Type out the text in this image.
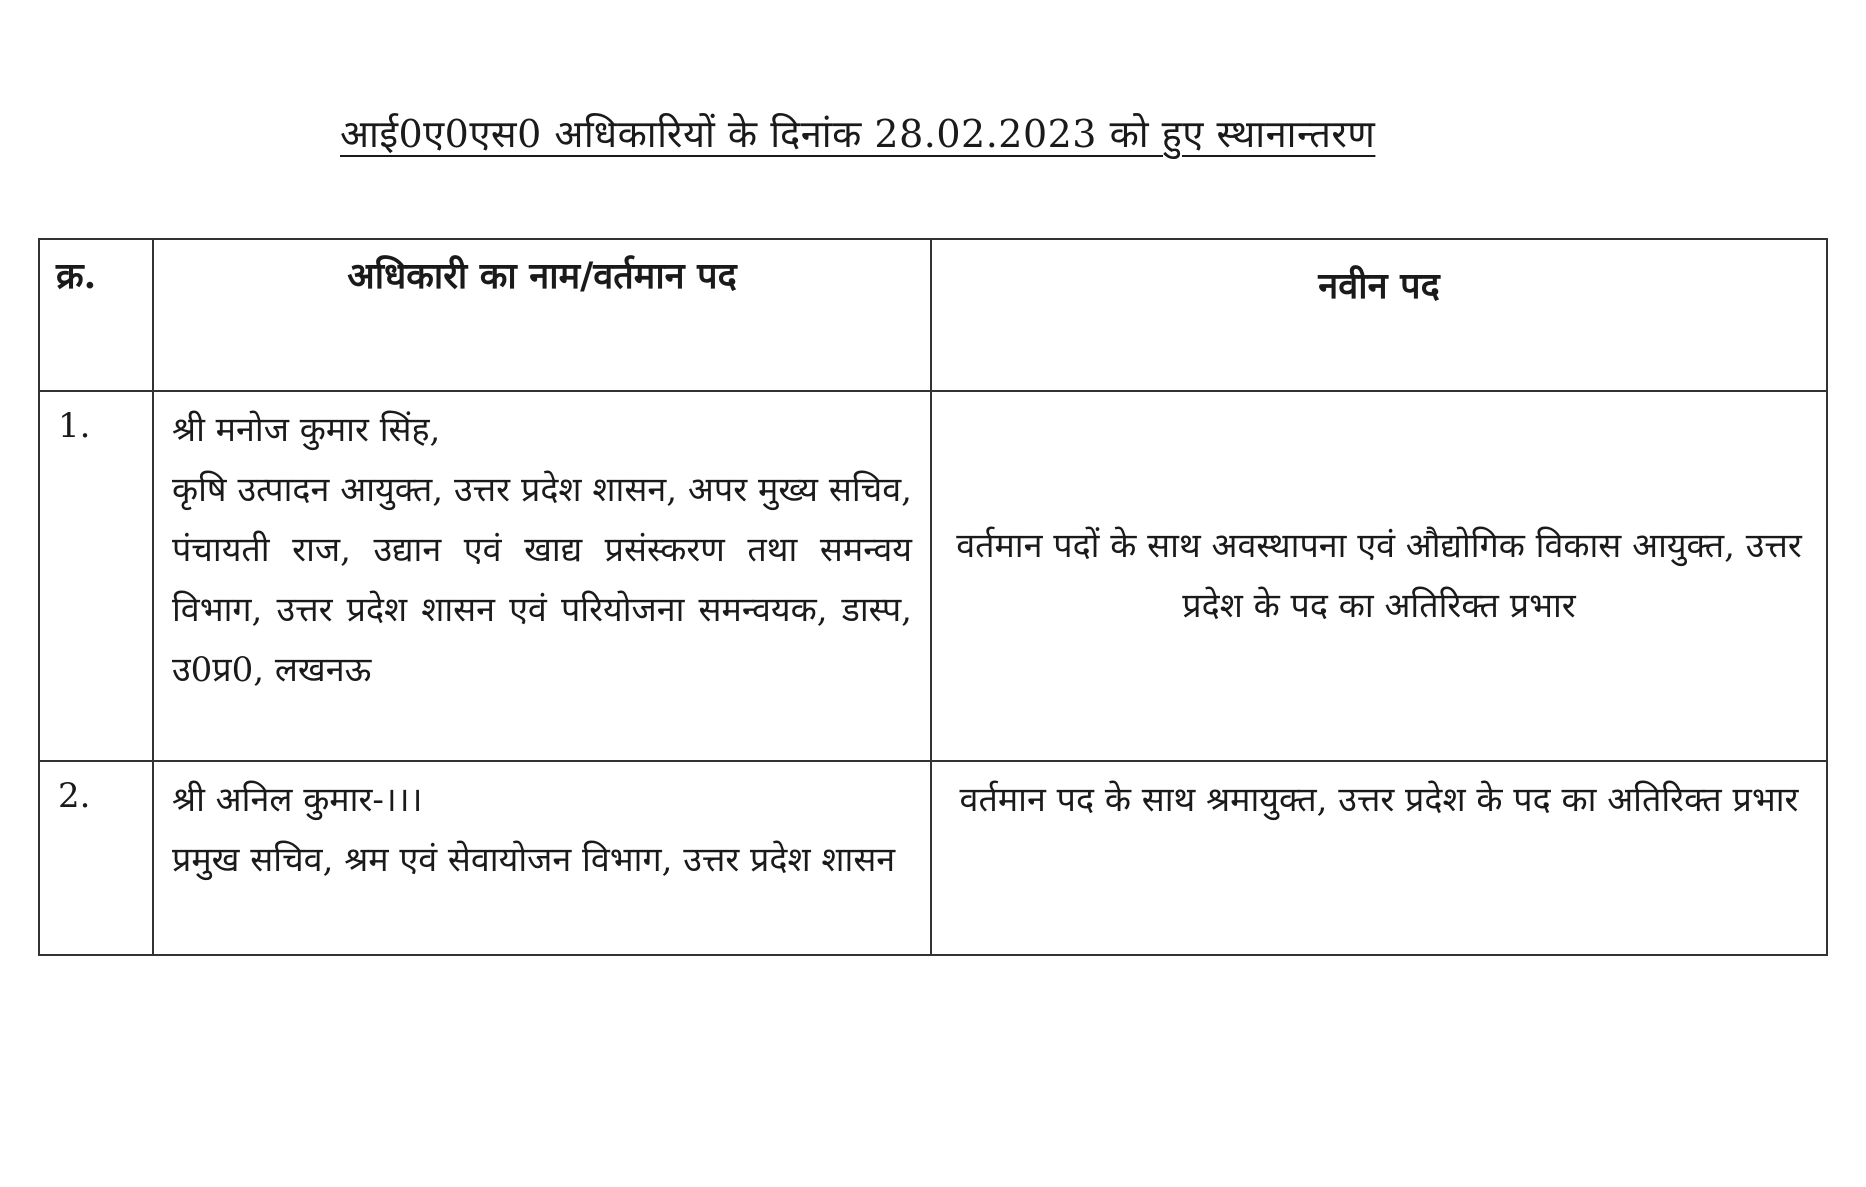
आई0ए0एस0 अधिकारियों के दिनांक 28.02.2023 को हुए स्थानान्तरण
क्र.	अधिकारी का नाम/वर्तमान पद	नवीन पद
1.	श्री मनोज कुमार सिंह,
कृषि उत्पादन आयुक्त, उत्तर प्रदेश शासन, अपर मुख्य सचिव, पंचायती राज, उद्यान एवं खाद्य प्रसंस्करण तथा समन्वय विभाग, उत्तर प्रदेश शासन एवं परियोजना समन्वयक, डास्प, उ0प्र0, लखनऊ	वर्तमान पदों के साथ अवस्थापना एवं औद्योगिक विकास आयुक्त, उत्तर प्रदेश के पद का अतिरिक्त प्रभार
2.	श्री अनिल कुमार-।।।
प्रमुख सचिव, श्रम एवं सेवायोजन विभाग, उत्तर प्रदेश शासन	वर्तमान पद के साथ श्रमायुक्त, उत्तर प्रदेश के पद का अतिरिक्त प्रभार
